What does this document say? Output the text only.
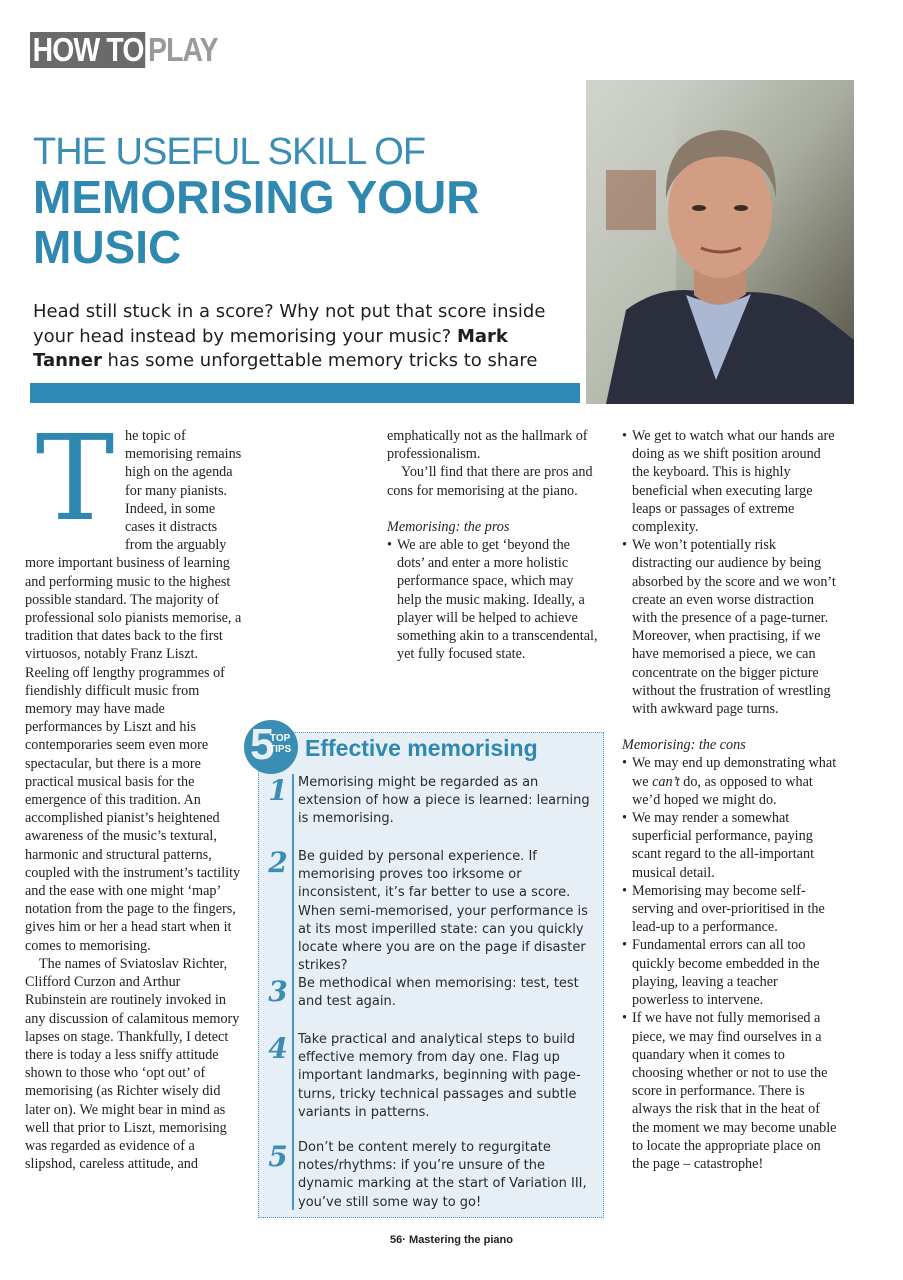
HOW TO PLAY
THE USEFUL SKILL OF
MEMORISING YOUR MUSIC
Head still stuck in a score? Why not put that score inside your head instead by memorising your music? Mark Tanner has some unforgettable memory tricks to share
T he topic of memorising remains high on the agenda for many pianists. Indeed, in some cases it distracts from the arguably more important business of learning and performing music to the highest possible standard. The majority of professional solo pianists memorise, a tradition that dates back to the first virtuosos, notably Franz Liszt. Reeling off lengthy programmes of fiendishly difficult music from memory may have made performances by Liszt and his contemporaries seem even more spectacular, but there is a more practical musical basis for the emergence of this tradition. An accomplished pianist’s heightened awareness of the music’s textural, harmonic and structural patterns, coupled with the instrument’s tactility and the ease with one might ‘map’ notation from the page to the fingers, gives him or her a head start when it comes to memorising.

The names of Sviatoslav Richter, Clifford Curzon and Arthur Rubinstein are routinely invoked in any discussion of calamitous memory lapses on stage. Thankfully, I detect there is today a less sniffy attitude shown to those who ‘opt out’ of memorising (as Richter wisely did later on). We might bear in mind as well that prior to Liszt, memorising was regarded as evidence of a slipshod, careless attitude, and

emphatically not as the hallmark of professionalism.

You’ll find that there are pros and cons for memorising at the piano.

Memorising: the pros

• We are able to get ‘beyond the dots’ and enter a more holistic performance space, which may help the music making. Ideally, a player will be helped to achieve something akin to a transcendental, yet fully focused state.
• We get to watch what our hands are doing as we shift position around the keyboard. This is highly beneficial when executing large leaps or passages of extreme complexity.
• We won’t potentially risk distracting our audience by being absorbed by the score and we won’t create an even worse distraction with the presence of a page-turner. Moreover, when practising, if we have memorised a piece, we can concentrate on the bigger picture without the frustration of wrestling with awkward page turns.

Memorising: the cons

• We may end up demonstrating what we can’t do, as opposed to what we’d hoped we might do.
• We may render a somewhat superficial performance, paying scant regard to the all-important musical detail.
• Memorising may become self-serving and over-prioritised in the lead-up to a performance.
• Fundamental errors can all too quickly become embedded in the playing, leaving a teacher powerless to intervene.
• If we have not fully memorised a piece, we may find ourselves in a quandary when it comes to choosing whether or not to use the score in performance. There is always the risk that in the heat of the moment we may become unable to locate the appropriate place on the page – catastrophe!
5
TOP
TIPS Effective memorising
1 Memorising might be regarded as an extension of how a piece is learned: learning is memorising.
2 Be guided by personal experience. If memorising proves too irksome or inconsistent, it’s far better to use a score. When semi-memorised, your performance is at its most imperilled state: can you quickly locate where you are on the page if disaster strikes?
3 Be methodical when memorising: test, test and test again.
4 Take practical and analytical steps to build effective memory from day one. Flag up important landmarks, beginning with page-turns, tricky technical passages and subtle variants in patterns.
5 Don’t be content merely to regurgitate notes/rhythms: if you’re unsure of the dynamic marking at the start of Variation III, you’ve still some way to go!
56· Mastering the piano
